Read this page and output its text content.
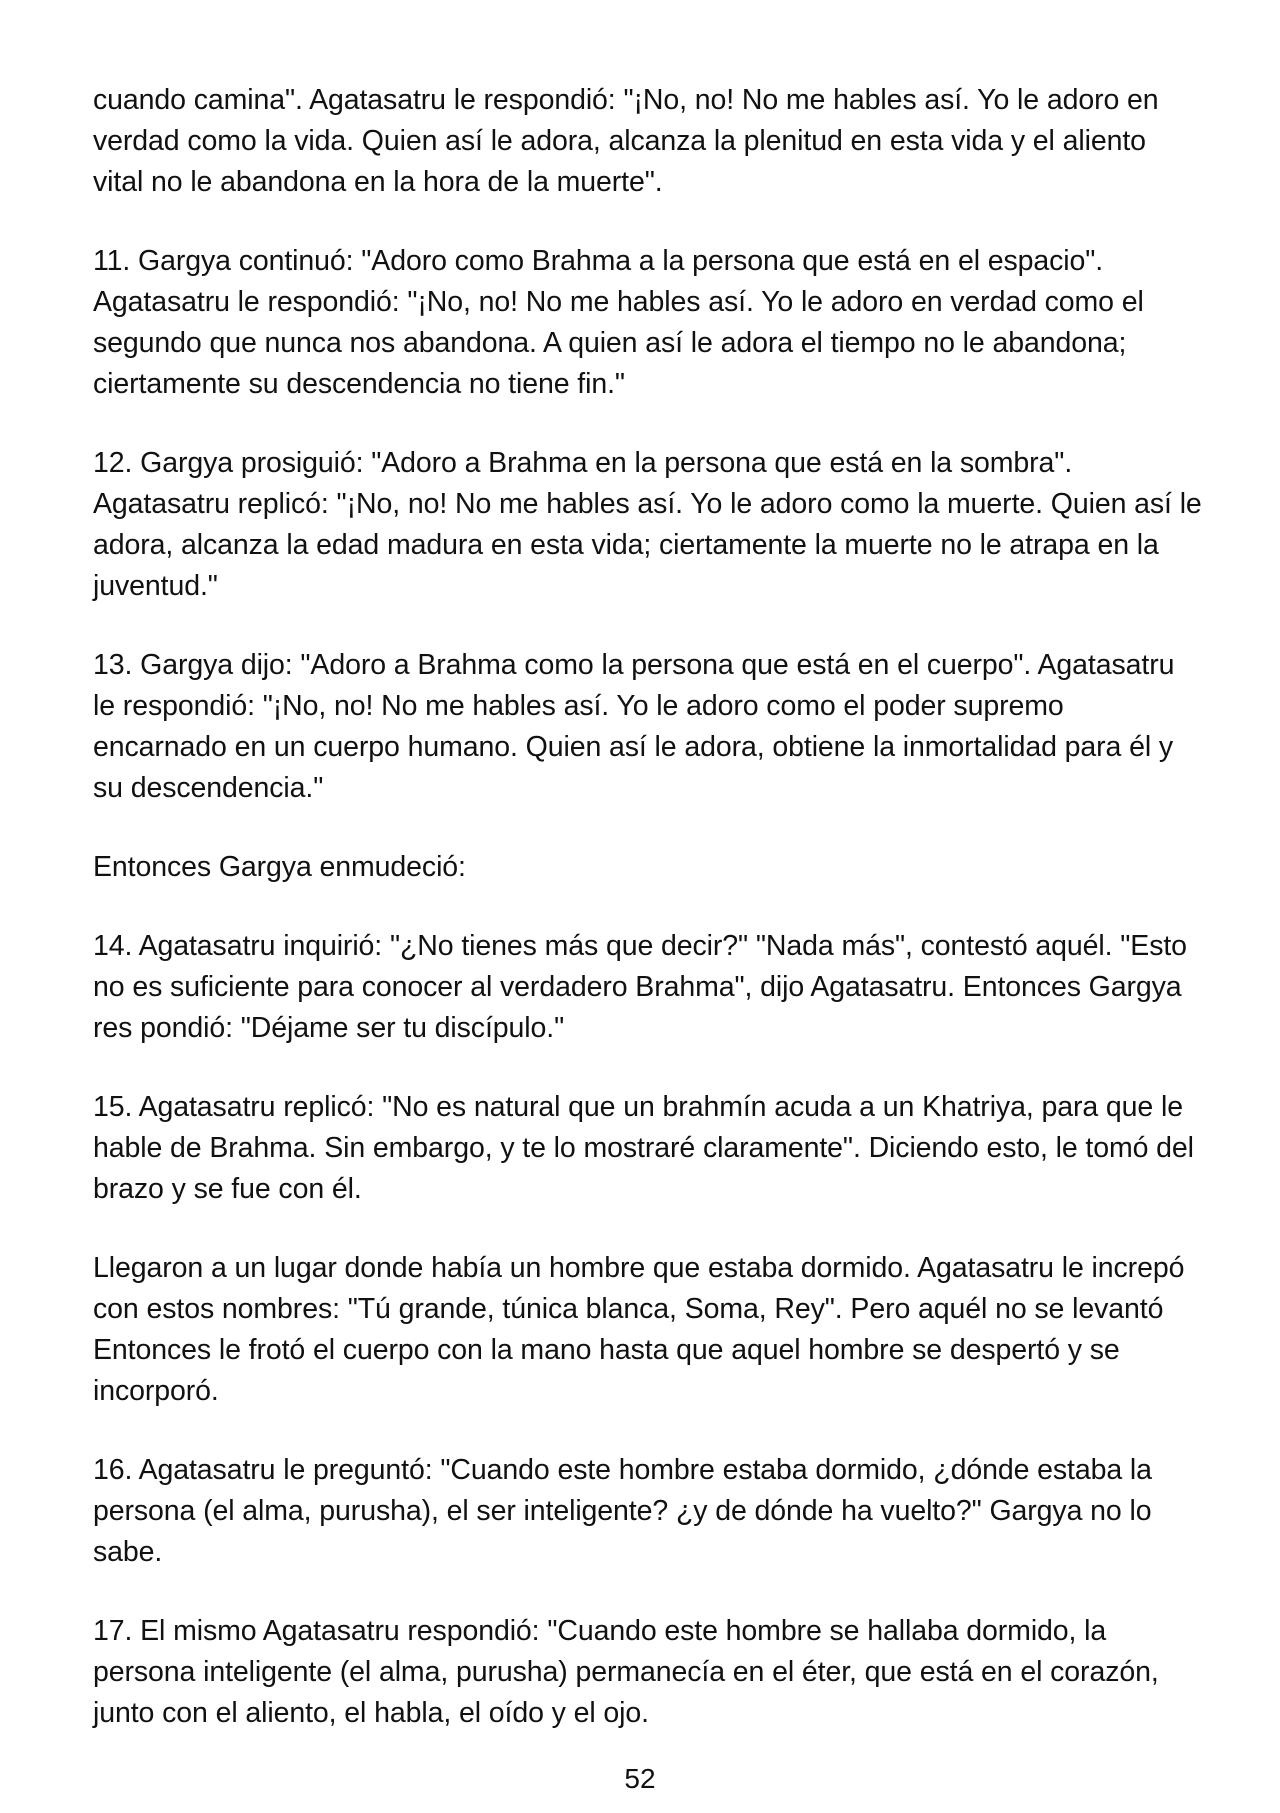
cuando camina". Agatasatru le respondió: "¡No, no! No me hables así. Yo le adoro en verdad como la vida. Quien así le adora, alcanza la plenitud en esta vida y el aliento vital no le abandona en la hora de la muerte".

11. Gargya continuó: "Adoro como Brahma a la persona que está en el espacio". Agatasatru le respondió: "¡No, no! No me hables así. Yo le adoro en verdad como el segundo que nunca nos abandona. A quien así le adora el tiempo no le abandona; ciertamente su descendencia no tiene fin."

12. Gargya prosiguió: "Adoro a Brahma en la persona que está en la sombra". Agatasatru replicó: "¡No, no! No me hables así. Yo le adoro como la muerte. Quien así le adora, alcanza la edad madura en esta vida; ciertamente la muerte no le atrapa en la juventud."

13. Gargya dijo: "Adoro a Brahma como la persona que está en el cuerpo". Agatasatru le respondió: "¡No, no! No me hables así. Yo le adoro como el poder supremo encarnado en un cuerpo humano. Quien así le adora, obtiene la inmortalidad para él y su descendencia."

Entonces Gargya enmudeció:

14. Agatasatru inquirió: "¿No tienes más que decir?" "Nada más", contestó aquél. "Esto no es suficiente para conocer al verdadero Brahma", dijo Agatasatru. Entonces Gargya res pondió: "Déjame ser tu discípulo."

15. Agatasatru replicó: "No es natural que un brahmín acuda a un Khatriya, para que le hable de Brahma. Sin embargo, y te lo mostraré claramente". Diciendo esto, le tomó del brazo y se fue con él.

Llegaron a un lugar donde había un hombre que estaba dormido. Agatasatru le increpó con estos nombres: "Tú grande, túnica blanca, Soma, Rey". Pero aquél no se levantó Entonces le frotó el cuerpo con la mano hasta que aquel hombre se despertó y se incorporó.

16. Agatasatru le preguntó: "Cuando este hombre estaba dormido, ¿dónde estaba la persona (el alma, purusha), el ser inteligente? ¿y de dónde ha vuelto?" Gargya no lo sabe.

17. El mismo Agatasatru respondió: "Cuando este hombre se hallaba dormido, la persona inteligente (el alma, purusha) permanecía en el éter, que está en el corazón, junto con el aliento, el habla, el oído y el ojo.

52
